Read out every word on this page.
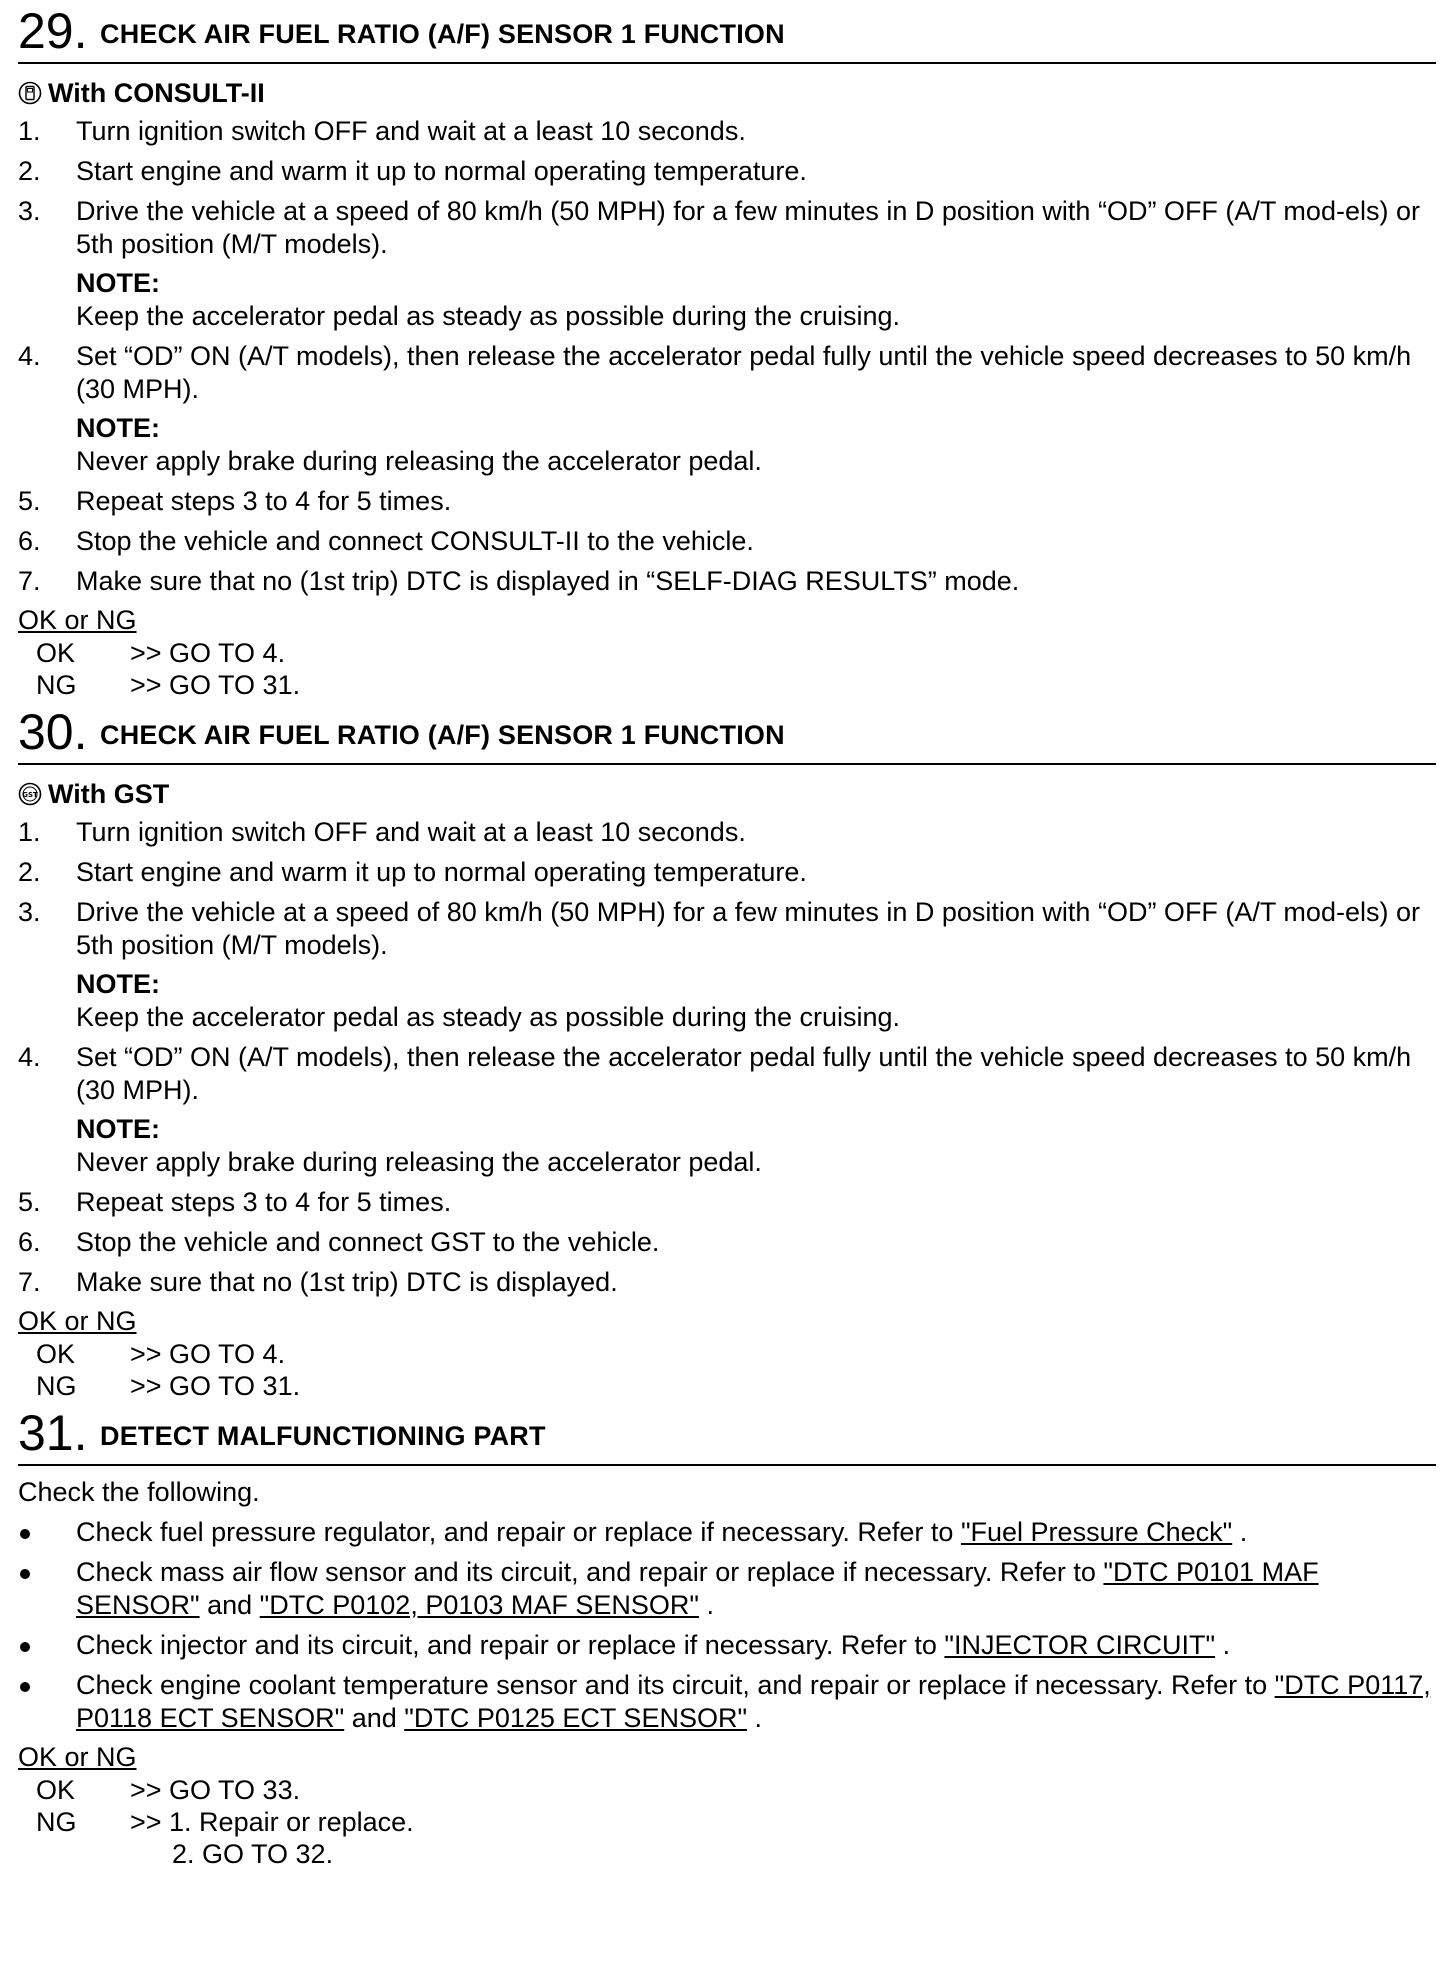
29. CHECK AIR FUEL RATIO (A/F) SENSOR 1 FUNCTION
With CONSULT-II
1.	Turn ignition switch OFF and wait at a least 10 seconds.
2.	Start engine and warm it up to normal operating temperature.
3.	Drive the vehicle at a speed of 80 km/h (50 MPH) for a few minutes in D position with “OD” OFF (A/T mod-els) or 5th position (M/T models).
NOTE:
Keep the accelerator pedal as steady as possible during the cruising.
4.	Set “OD” ON (A/T models), then release the accelerator pedal fully until the vehicle speed decreases to 50 km/h (30 MPH).
NOTE:
Never apply brake during releasing the accelerator pedal.
5.	Repeat steps 3 to 4 for 5 times.
6.	Stop the vehicle and connect CONSULT-II to the vehicle.
7.	Make sure that no (1st trip) DTC is displayed in “SELF-DIAG RESULTS” mode.
OK or NG
OK	>> GO TO 4.
NG	>> GO TO 31.
30. CHECK AIR FUEL RATIO (A/F) SENSOR 1 FUNCTION
GST With GST
1.	Turn ignition switch OFF and wait at a least 10 seconds.
2.	Start engine and warm it up to normal operating temperature.
3.	Drive the vehicle at a speed of 80 km/h (50 MPH) for a few minutes in D position with “OD” OFF (A/T mod-els) or 5th position (M/T models).
NOTE:
Keep the accelerator pedal as steady as possible during the cruising.
4.	Set “OD” ON (A/T models), then release the accelerator pedal fully until the vehicle speed decreases to 50 km/h (30 MPH).
NOTE:
Never apply brake during releasing the accelerator pedal.
5.	Repeat steps 3 to 4 for 5 times.
6.	Stop the vehicle and connect GST to the vehicle.
7.	Make sure that no (1st trip) DTC is displayed.
OK or NG
OK	>> GO TO 4.
NG	>> GO TO 31.
31. DETECT MALFUNCTIONING PART
Check the following.
Check fuel pressure regulator, and repair or replace if necessary. Refer to "Fuel Pressure Check" .
Check mass air flow sensor and its circuit, and repair or replace if necessary. Refer to "DTC P0101 MAF SENSOR" and "DTC P0102, P0103 MAF SENSOR" .
Check injector and its circuit, and repair or replace if necessary. Refer to "INJECTOR CIRCUIT" .
Check engine coolant temperature sensor and its circuit, and repair or replace if necessary. Refer to "DTC P0117, P0118 ECT SENSOR" and "DTC P0125 ECT SENSOR" .
OK or NG
OK	>> GO TO 33.
NG	>> 1. Repair or replace.
2. GO TO 32.
